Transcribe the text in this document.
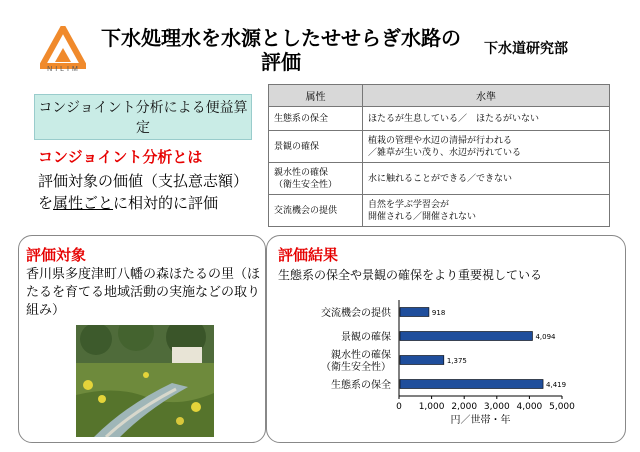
NILIM
下水処理水を水源としたせせらぎ水路の評価
下水道研究部
コンジョイント分析による便益算定
コンジョイント分析とは
評価対象の価値（支払意志額）
を属性ごとに相対的に評価
属性	水準
生態系の保全	ほたるが生息している／　ほたるがいない
景観の確保	植栽の管理や水辺の清掃が行われる
／雑草が生い茂り、水辺が汚れている
親水性の確保
（衛生安全性）	水に触れることができる／できない
交流機会の提供	自然を学ぶ学習会が
開催される／開催されない
評価対象
香川県多度津町八幡の森ほたるの里（ほたるを育てる地域活動の実施などの取り組み）
評価結果
生態系の保全や景観の確保をより重要視している
0 1,000 2,000 3,000 4,000 5,000
円／世帯・年
918
交流機会の提供
4,094
景観の確保
1,375
親水性の確保
（衛生安全性）
4,419
生態系の保全
